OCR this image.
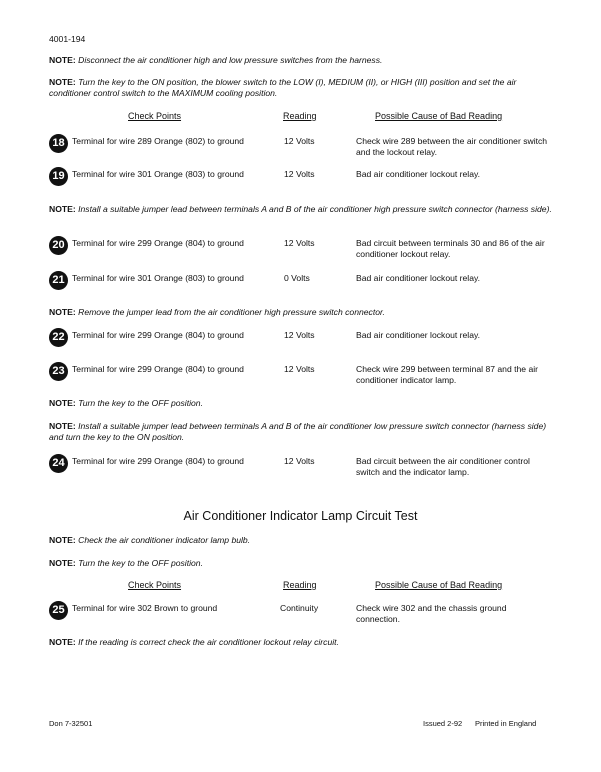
4001-194
NOTE: Disconnect the air conditioner high and low pressure switches from the harness.
NOTE: Turn the key to the ON position, the blower switch to the LOW (I), MEDIUM (II), or HIGH (III) position and set the air conditioner control switch to the MAXIMUM cooling position.
Check Points	Reading	Possible Cause of Bad Reading
18 Terminal for wire 289 Orange (802) to ground	12 Volts	Check wire 289 between the air conditioner switch and the lockout relay.
19 Terminal for wire 301 Orange (803) to ground	12 Volts	Bad air conditioner lockout relay.
NOTE: Install a suitable jumper lead between terminals A and B of the air conditioner high pressure switch connector (harness side).
20 Terminal for wire 299 Orange (804) to ground	12 Volts	Bad circuit between terminals 30 and 86 of the air conditioner lockout relay.
21 Terminal for wire 301 Orange (803) to ground	0 Volts	Bad air conditioner lockout relay.
NOTE: Remove the jumper lead from the air conditioner high pressure switch connector.
22 Terminal for wire 299 Orange (804) to ground	12 Volts	Bad air conditioner lockout relay.
23 Terminal for wire 299 Orange (804) to ground	12 Volts	Check wire 299 between terminal 87 and the air conditioner indicator lamp.
NOTE: Turn the key to the OFF position.
NOTE: Install a suitable jumper lead between terminals A and B of the air conditioner low pressure switch connector (harness side) and turn the key to the ON position.
24 Terminal for wire 299 Orange (804) to ground	12 Volts	Bad circuit between the air conditioner control switch and the indicator lamp.
Air Conditioner Indicator Lamp Circuit Test
NOTE: Check the air conditioner indicator lamp bulb.
NOTE: Turn the key to the OFF position.
Check Points	Reading	Possible Cause of Bad Reading
25 Terminal for wire 302 Brown to ground	Continuity	Check wire 302 and the chassis ground connection.
NOTE: If the reading is correct check the air conditioner lockout relay circuit.
Don 7-32501	Issued 2-92 Printed in England
